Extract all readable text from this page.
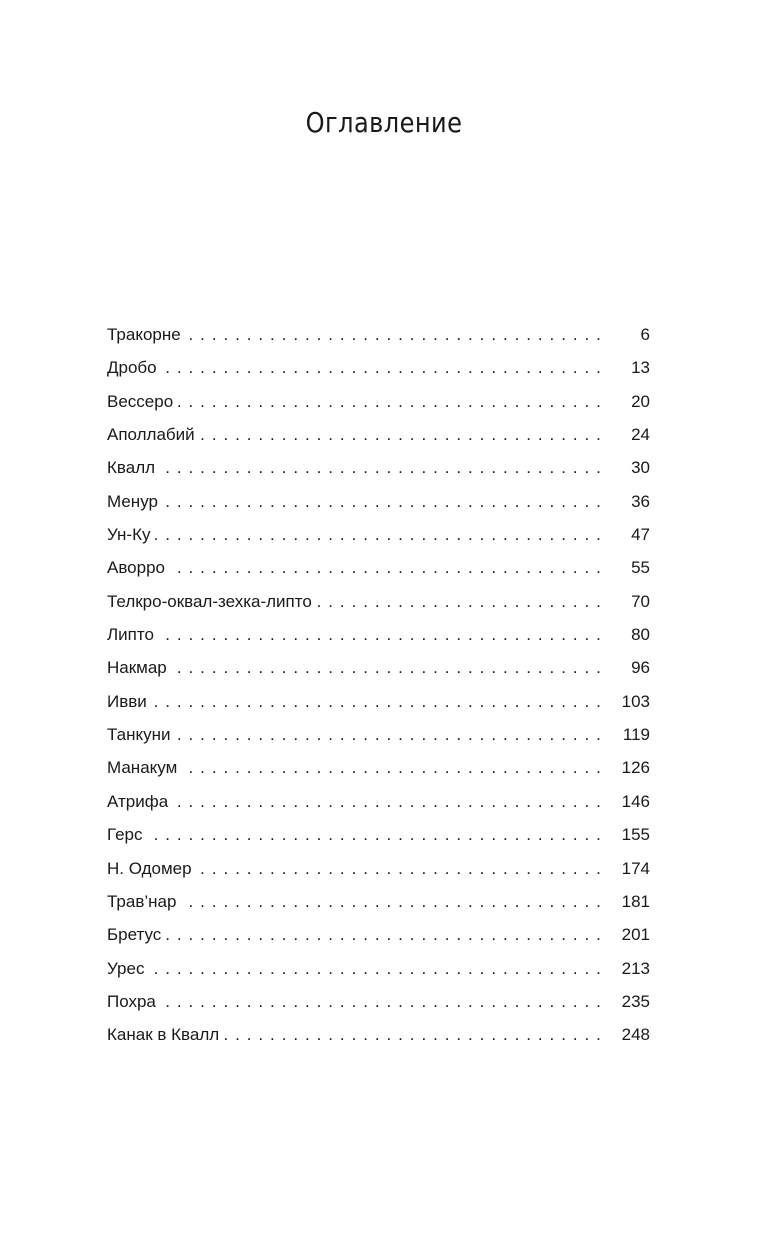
Оглавление
. . .
Тракорне	6
. . .
Дробо	13
. . .
Вессеро	20
. . .
Аполлабий	24
. . .
Квалл	30
. . .
Менур	36
. . .
Ун-Ку	47
. . .
Аворро	55
. . .
Телкро-оквал-зехка-липто	70
. . .
Липто	80
. . .
Накмар	96
. . .
Ивви	103
. . .
Танкуни	119
. . .
Манакум	126
. . .
Атрифа	146
. . .
Герс	155
. . .
Н. Одомер	174
. . .
Трав’нар	181
. . .
Бретус	201
. . .
Урес	213
. . .
Похра	235
. . .
Канак в Квалл	248
